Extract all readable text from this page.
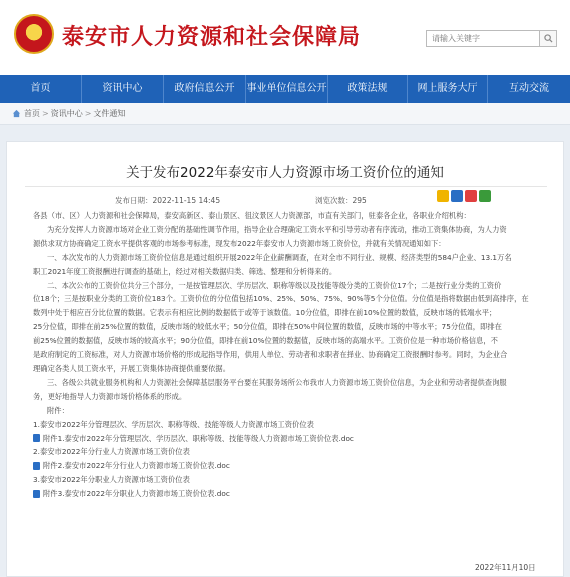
泰安市人力资源和社会保障局
请输入关键字
首页	资讯中心	政府信息公开	事业单位信息公开	政策法规	网上服务大厅	互动交流
首页 > 资讯中心 > 文件通知
关于发布2022年泰安市人力资源市场工资价位的通知
发布日期：2022-11-15 14:45	浏览次数：295

各县（市、区）人力资源和社会保障局，泰安高新区、泰山景区、徂汶景区人力资源部，市直有关部门，驻泰各企业，各职业介绍机构：

为充分发挥人力资源市场对企业工资分配的基础性调节作用，指导企业合理确定工资水平和引导劳动者有序流动，推动工资集体协商，为人力资

源供求双方协商确定工资水平提供客观的市场参考标准，现发布2022年泰安市人力资源市场工资价位，并就有关情况通知如下：

一、本次发布的人力资源市场工资价位信息是通过组织开展2022年企业薪酬调查，在对全市不同行业、规模、经济类型的584户企业、13.1万名

职工2021年度工资报酬进行调查的基础上，经过对相关数据归类、筛选、整理和分析得来的。

二、本次公布的工资价位共分三个部分，一是按管理层次、学历层次、职称等级以及技能等级分类的工资价位17个；二是按行业分类的工资价

位18个；三是按职业分类的工资价位183个。工资价位的分位值包括10%、25%、50%、75%、90%等5个分位值。分位值是指将数据由低到高排序，在

数列中处于相应百分比位置的数据。它表示有相应比例的数据低于或等于该数值。10分位值，即排在前10%位置的数值，反映市场的低端水平；

25分位值，即排在前25%位置的数值，反映市场的较低水平；50分位值，即排在50%中间位置的数值，反映市场的中等水平；75分位值，即排在

前25%位置的数据值，反映市场的较高水平；90分位值，即排在前10%位置的数据值，反映市场的高端水平。工资价位是一种市场价格信息，不

是政府制定的工资标准，对人力资源市场价格的形成起指导作用，供用人单位、劳动者和求职者在择业、协商确定工资报酬时参考。同时，为企业合

理确定各类人员工资水平，开展工资集体协商提供重要依据。

三、各级公共就业服务机构和人力资源社会保障基层服务平台要在其服务场所公布我市人力资源市场工资价位信息，为企业和劳动者提供查询服

务，更好地指导人力资源市场价格体系的形成。

附件：

1.泰安市2022年分管理层次、学历层次、职称等级、技能等级人力资源市场工资价位表

附件1.泰安市2022年分管理层次、学历层次、职称等级、技能等级人力资源市场工资价位表.doc

2.泰安市2022年分行业人力资源市场工资价位表

附件2.泰安市2022年分行业人力资源市场工资价位表.doc

3.泰安市2022年分职业人力资源市场工资价位表

附件3.泰安市2022年分职业人力资源市场工资价位表.doc

2022年11月10日
